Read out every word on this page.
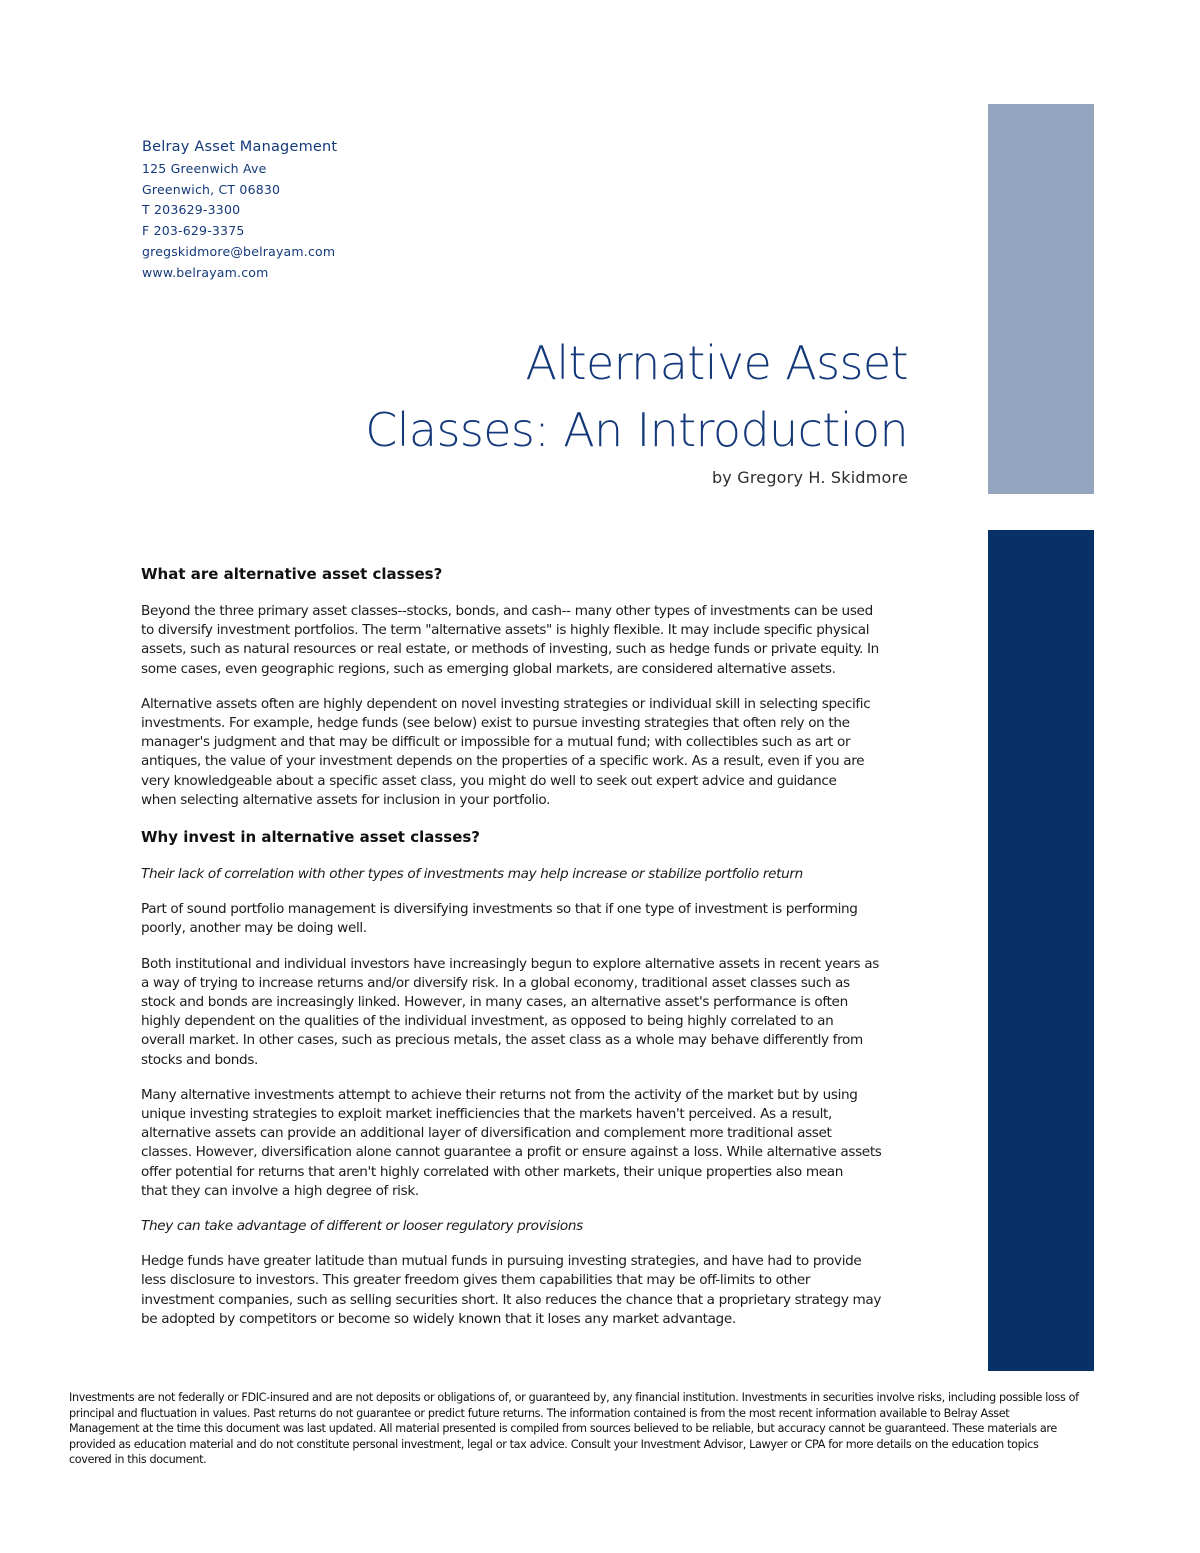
Belray Asset Management
125 Greenwich Ave
Greenwich, CT 06830
T 203629-3300
F 203-629-3375
gregskidmore@belrayam.com
www.belrayam.com
Alternative Asset
Classes: An Introduction
by Gregory H. Skidmore
What are alternative asset classes?

Beyond the three primary asset classes--stocks, bonds, and cash-- many other types of investments can be used
to diversify investment portfolios. The term "alternative assets" is highly flexible. It may include specific physical
assets, such as natural resources or real estate, or methods of investing, such as hedge funds or private equity. In
some cases, even geographic regions, such as emerging global markets, are considered alternative assets.

Alternative assets often are highly dependent on novel investing strategies or individual skill in selecting specific
investments. For example, hedge funds (see below) exist to pursue investing strategies that often rely on the
manager's judgment and that may be difficult or impossible for a mutual fund; with collectibles such as art or
antiques, the value of your investment depends on the properties of a specific work. As a result, even if you are
very knowledgeable about a specific asset class, you might do well to seek out expert advice and guidance
when selecting alternative assets for inclusion in your portfolio.

Why invest in alternative asset classes?

Their lack of correlation with other types of investments may help increase or stabilize portfolio return

Part of sound portfolio management is diversifying investments so that if one type of investment is performing
poorly, another may be doing well.

Both institutional and individual investors have increasingly begun to explore alternative assets in recent years as
a way of trying to increase returns and/or diversify risk. In a global economy, traditional asset classes such as
stock and bonds are increasingly linked. However, in many cases, an alternative asset's performance is often
highly dependent on the qualities of the individual investment, as opposed to being highly correlated to an
overall market. In other cases, such as precious metals, the asset class as a whole may behave differently from
stocks and bonds.

Many alternative investments attempt to achieve their returns not from the activity of the market but by using
unique investing strategies to exploit market inefficiencies that the markets haven't perceived. As a result,
alternative assets can provide an additional layer of diversification and complement more traditional asset
classes. However, diversification alone cannot guarantee a profit or ensure against a loss. While alternative assets
offer potential for returns that aren't highly correlated with other markets, their unique properties also mean
that they can involve a high degree of risk.

They can take advantage of different or looser regulatory provisions

Hedge funds have greater latitude than mutual funds in pursuing investing strategies, and have had to provide
less disclosure to investors. This greater freedom gives them capabilities that may be off-limits to other
investment companies, such as selling securities short. It also reduces the chance that a proprietary strategy may
be adopted by competitors or become so widely known that it loses any market advantage.

Investments are not federally or FDIC-insured and are not deposits or obligations of, or guaranteed by, any financial institution. Investments in securities involve risks, including possible loss of
principal and fluctuation in values. Past returns do not guarantee or predict future returns. The information contained is from the most recent information available to Belray Asset
Management at the time this document was last updated. All material presented is compiled from sources believed to be reliable, but accuracy cannot be guaranteed. These materials are
provided as education material and do not constitute personal investment, legal or tax advice. Consult your Investment Advisor, Lawyer or CPA for more details on the education topics
covered in this document.
